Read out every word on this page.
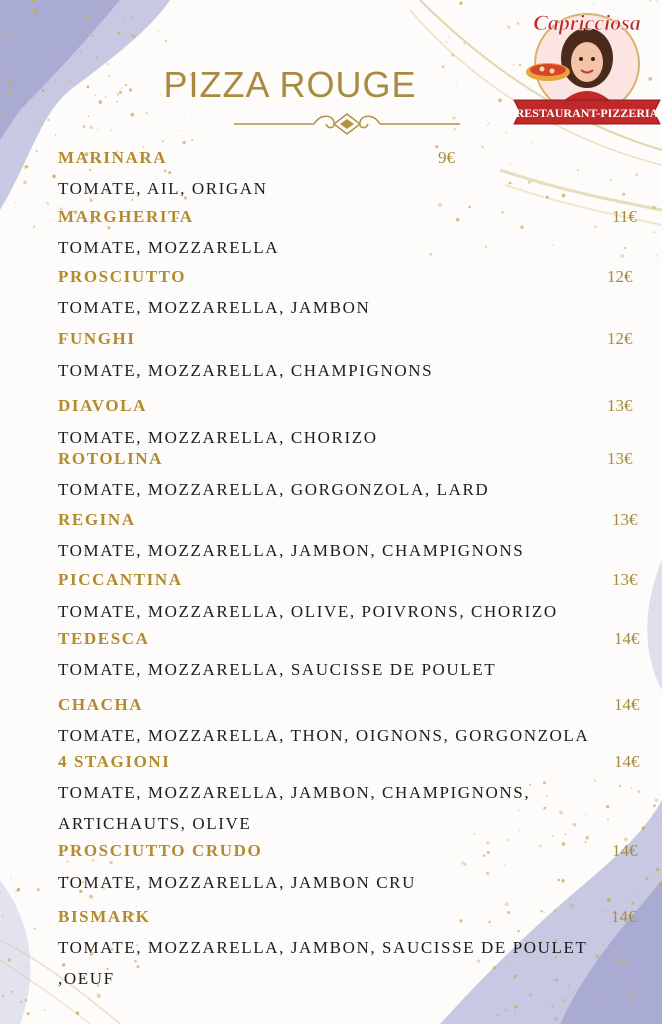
Capricciosa
RESTAURANT-PIZZERIA
PIZZA ROUGE
MARINARA	9€
TOMATE, AIL, ORIGAN
MARGHERITA	11€
TOMATE, MOZZARELLA
PROSCIUTTO	12€
TOMATE, MOZZARELLA, JAMBON
FUNGHI	12€
TOMATE, MOZZARELLA, CHAMPIGNONS
DIAVOLA	13€
TOMATE, MOZZARELLA, CHORIZO
ROTOLINA	13€
TOMATE, MOZZARELLA, GORGONZOLA, LARD
REGINA	13€
TOMATE, MOZZARELLA, JAMBON, CHAMPIGNONS
PICCANTINA	13€
TOMATE, MOZZARELLA, OLIVE, POIVRONS, CHORIZO
TEDESCA	14€
TOMATE, MOZZARELLA, SAUCISSE DE POULET
CHACHA	14€
TOMATE, MOZZARELLA, THON, OIGNONS, GORGONZOLA
4 STAGIONI	14€
TOMATE, MOZZARELLA, JAMBON, CHAMPIGNONS,
ARTICHAUTS, OLIVE
PROSCIUTTO CRUDO	14€
TOMATE, MOZZARELLA, JAMBON CRU
BISMARK	14€
TOMATE, MOZZARELLA, JAMBON, SAUCISSE DE POULET
,OEUF
